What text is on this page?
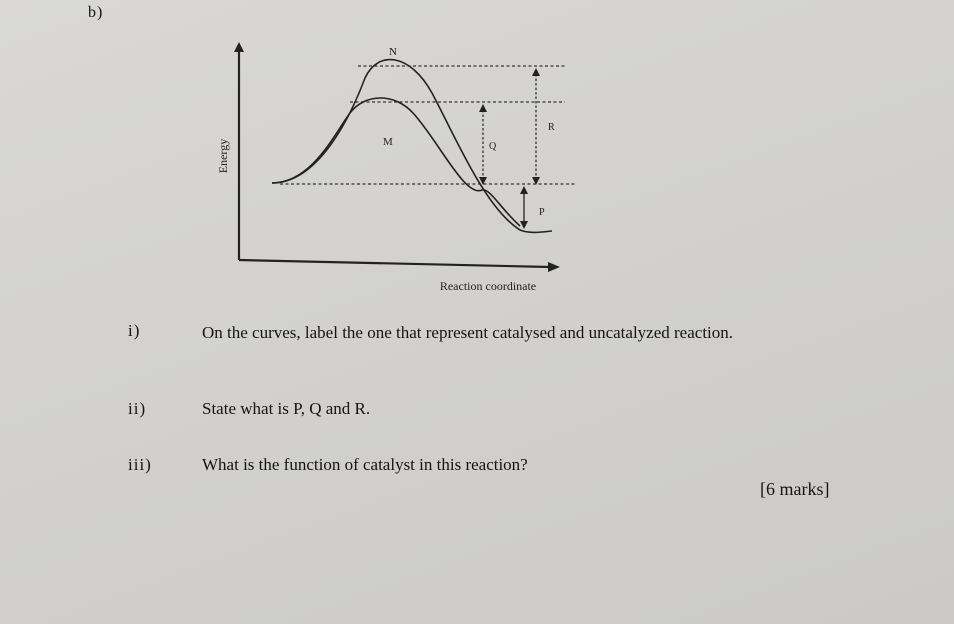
b)
Energy
Reaction coordinate
N
M	Q
R
P
i)	On the curves, label the one that represent catalysed and uncatalyzed reaction.
ii)	State what is P, Q and R.
iii)	What is the function of catalyst in this reaction?
[6 marks]
